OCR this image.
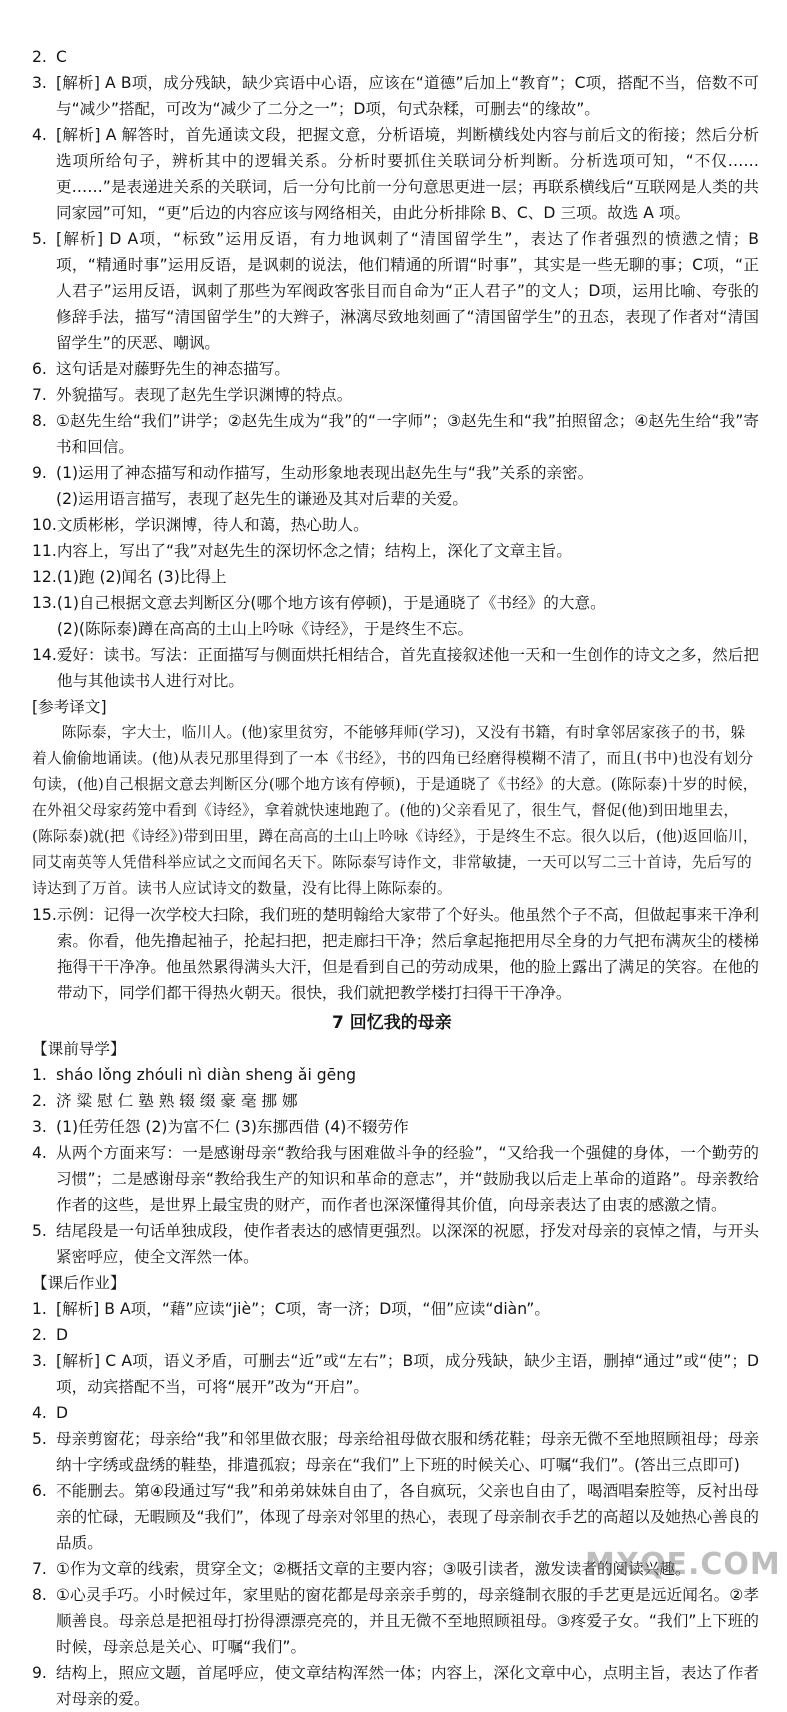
2. C
3. [解析] A B项，成分残缺，缺少宾语中心语，应该在“道德”后加上“教育”；C项，搭配不当，倍数不可与“减少”搭配，可改为“减少了二分之一”；D项，句式杂糅，可删去“的缘故”。
4. [解析] A 解答时，首先通读文段，把握文意，分析语境，判断横线处内容与前后文的衔接；然后分析选项所给句子，辨析其中的逻辑关系。分析时要抓住关联词分析判断。分析选项可知，“不仅……更……”是表递进关系的关联词，后一分句比前一分句意思更进一层；再联系横线后“互联网是人类的共同家园”可知，“更”后边的内容应该与网络相关，由此分析排除 B、C、D 三项。故选 A 项。
5. [解析] D A项，“标致”运用反语，有力地讽刺了“清国留学生”，表达了作者强烈的愤懑之情；B项，“精通时事”运用反语，是讽刺的说法，他们精通的所谓“时事”，其实是一些无聊的事；C项，“正人君子”运用反语，讽刺了那些为军阀政客张目而自命为“正人君子”的文人；D项，运用比喻、夸张的修辞手法，描写“清国留学生”的大辫子，淋漓尽致地刻画了“清国留学生”的丑态，表现了作者对“清国留学生”的厌恶、嘲讽。
6. 这句话是对藤野先生的神态描写。
7. 外貌描写。表现了赵先生学识渊博的特点。
8. ①赵先生给“我们”讲学；②赵先生成为“我”的“一字师”；③赵先生和“我”拍照留念；④赵先生给“我”寄书和回信。
9. (1)运用了神态描写和动作描写，生动形象地表现出赵先生与“我”关系的亲密。
(2)运用语言描写，表现了赵先生的谦逊及其对后辈的关爱。
10. 文质彬彬，学识渊博，待人和蔼，热心助人。
11. 内容上，写出了“我”对赵先生的深切怀念之情；结构上，深化了文章主旨。
12. (1)跑 (2)闻名 (3)比得上
13. (1)自己根据文意去判断区分(哪个地方该有停顿)，于是通晓了《书经》的大意。
(2)(陈际泰)蹲在高高的土山上吟咏《诗经》，于是终生不忘。
14. 爱好：读书。写法：正面描写与侧面烘托相结合，首先直接叙述他一天和一生创作的诗文之多，然后把他与其他读书人进行对比。
[参考译文]
陈际泰，字大士，临川人。(他)家里贫穷，不能够拜师(学习)，又没有书籍，有时拿邻居家孩子的书，躲着人偷偷地诵读。(他)从表兄那里得到了一本《书经》，书的四角已经磨得模糊不清了，而且(书中)也没有划分句读，(他)自己根据文意去判断区分(哪个地方该有停顿)，于是通晓了《书经》的大意。(陈际泰)十岁的时候，在外祖父母家药笼中看到《诗经》，拿着就快速地跑了。(他的)父亲看见了，很生气，督促(他)到田地里去，(陈际泰)就(把《诗经》)带到田里，蹲在高高的土山上吟咏《诗经》，于是终生不忘。很久以后，(他)返回临川，同艾南英等人凭借科举应试之文而闻名天下。陈际泰写诗作文，非常敏捷，一天可以写二三十首诗，先后写的诗达到了万首。读书人应试诗文的数量，没有比得上陈际泰的。
15. 示例：记得一次学校大扫除，我们班的楚明翰给大家带了个好头。他虽然个子不高，但做起事来干净利索。你看，他先撸起袖子，抡起扫把，把走廊扫干净；然后拿起拖把用尽全身的力气把布满灰尘的楼梯拖得干干净净。他虽然累得满头大汗，但是看到自己的劳动成果，他的脸上露出了满足的笑容。在他的带动下，同学们都干得热火朝天。很快，我们就把教学楼打扫得干干净净。
7 回忆我的母亲
【课前导学】
1. sháo lǒng zhóuli nì diàn sheng ǎi gēng
2. 济 粱 慰 仁 塾 熟 辍 缀 豪 毫 挪 娜
3. (1)任劳任怨 (2)为富不仁 (3)东挪西借 (4)不辍劳作
4. 从两个方面来写：一是感谢母亲“教给我与困难做斗争的经验”，“又给我一个强健的身体，一个勤劳的习惯”；二是感谢母亲“教给我生产的知识和革命的意志”，并“鼓励我以后走上革命的道路”。母亲教给作者的这些，是世界上最宝贵的财产，而作者也深深懂得其价值，向母亲表达了由衷的感激之情。
5. 结尾段是一句话单独成段，使作者表达的感情更强烈。以深深的祝愿，抒发对母亲的哀悼之情，与开头紧密呼应，使全文浑然一体。
【课后作业】
1. [解析] B A项，“藉”应读“jiè”；C项，寄一济；D项，“佃”应读“diàn”。
2. D
3. [解析] C A项，语义矛盾，可删去“近”或“左右”；B项，成分残缺，缺少主语，删掉“通过”或“使”；D项，动宾搭配不当，可将“展开”改为“开启”。
4. D
5. 母亲剪窗花；母亲给“我”和邻里做衣服；母亲给祖母做衣服和绣花鞋；母亲无微不至地照顾祖母；母亲纳十字绣或盘绣的鞋垫，排遣孤寂；母亲在“我们”上下班的时候关心、叮嘱“我们”。(答出三点即可)
6. 不能删去。第④段通过写“我”和弟弟妹妹自由了，各自疯玩，父亲也自由了，喝酒唱秦腔等，反衬出母亲的忙碌，无暇顾及“我们”，体现了母亲对邻里的热心，表现了母亲制衣手艺的高超以及她热心善良的品质。
7. ①作为文章的线索，贯穿全文；②概括文章的主要内容；③吸引读者，激发读者的阅读兴趣。
8. ①心灵手巧。小时候过年，家里贴的窗花都是母亲亲手剪的，母亲缝制衣服的手艺更是远近闻名。②孝顺善良。母亲总是把祖母打扮得漂漂亮亮的，并且无微不至地照顾祖母。③疼爱子女。“我们”上下班的时候，母亲总是关心、叮嘱“我们”。
9. 结构上，照应文题，首尾呼应，使文章结构浑然一体；内容上，深化文章中心，点明主旨，表达了作者对母亲的爱。
MXQE.COM
